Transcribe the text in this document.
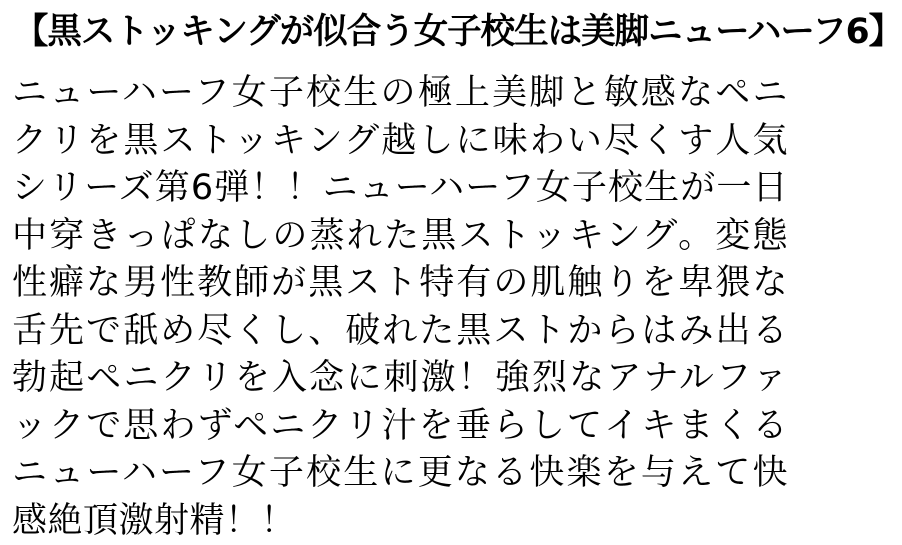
【黒ストッキングが似合う女子校生は美脚ニューハーフ6】
ニューハーフ女子校生の極上美脚と敏感なペニクリを黒ストッキング越しに味わい尽くす人気シリーズ第6弾！！ニューハーフ女子校生が一日中穿きっぱなしの蒸れた黒ストッキング。変態性癖な男性教師が黒スト特有の肌触りを卑猥な舌先で舐め尽くし、破れた黒ストからはみ出る勃起ペニクリを入念に刺激！強烈なアナルファックで思わずペニクリ汁を垂らしてイキまくるニューハーフ女子校生に更なる快楽を与えて快感絶頂激射精！！
